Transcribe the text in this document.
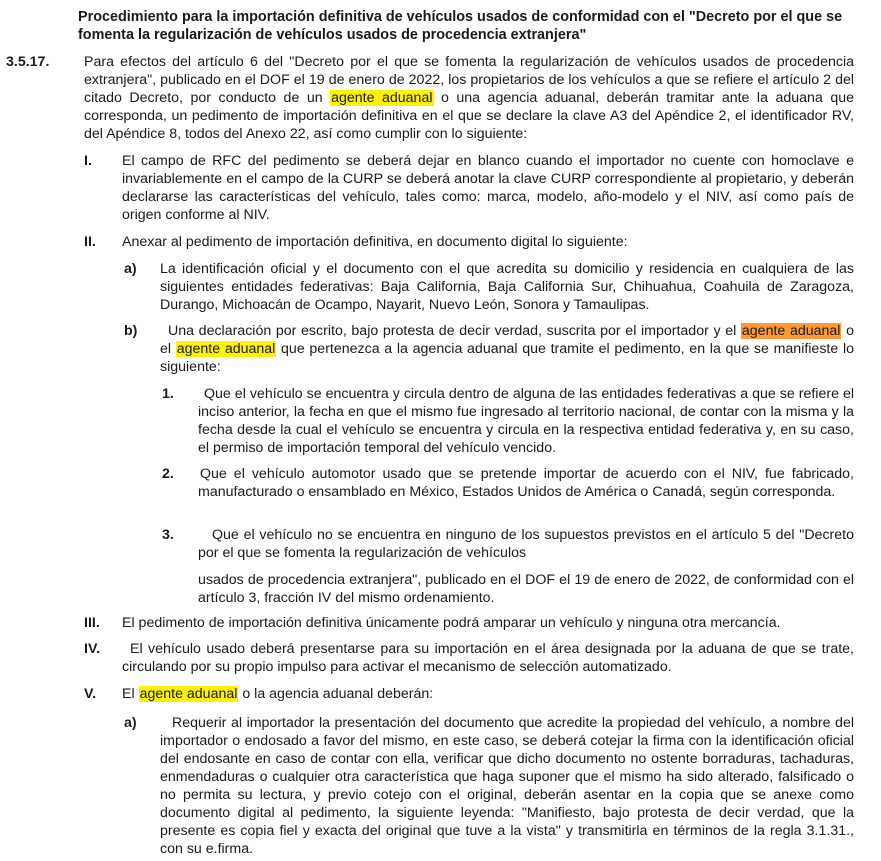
Procedimiento para la importación definitiva de vehículos usados de conformidad con el "Decreto por el que se fomenta la regularización de vehículos usados de procedencia extranjera"
3.5.17. Para efectos del artículo 6 del "Decreto por el que se fomenta la regularización de vehículos usados de procedencia extranjera", publicado en el DOF el 19 de enero de 2022, los propietarios de los vehículos a que se refiere el artículo 2 del citado Decreto, por conducto de un agente aduanal o una agencia aduanal, deberán tramitar ante la aduana que corresponda, un pedimento de importación definitiva en el que se declare la clave A3 del Apéndice 2, el identificador RV, del Apéndice 8, todos del Anexo 22, así como cumplir con lo siguiente:
I. El campo de RFC del pedimento se deberá dejar en blanco cuando el importador no cuente con homoclave e invariablemente en el campo de la CURP se deberá anotar la clave CURP correspondiente al propietario, y deberán declararse las características del vehículo, tales como: marca, modelo, año-modelo y el NIV, así como país de origen conforme al NIV.
II. Anexar al pedimento de importación definitiva, en documento digital lo siguiente:
a) La identificación oficial y el documento con el que acredita su domicilio y residencia en cualquiera de las siguientes entidades federativas: Baja California, Baja California Sur, Chihuahua, Coahuila de Zaragoza, Durango, Michoacán de Ocampo, Nayarit, Nuevo León, Sonora y Tamaulipas.
b)	Una declaración por escrito, bajo protesta de decir verdad, suscrita por el importador y el agente aduanal o el agente aduanal que pertenezca a la agencia aduanal que tramite el pedimento, en la que se manifieste lo siguiente:
1.	Que el vehículo se encuentra y circula dentro de alguna de las entidades federativas a que se refiere el inciso anterior, la fecha en que el mismo fue ingresado al territorio nacional, de contar con la misma y la fecha desde la cual el vehículo se encuentra y circula en la respectiva entidad federativa y, en su caso, el permiso de importación temporal del vehículo vencido.
2. Que el vehículo automotor usado que se pretende importar de acuerdo con el NIV, fue fabricado, manufacturado o ensamblado en México, Estados Unidos de América o Canadá, según corresponda.
3.	Que el vehículo no se encuentra en ninguno de los supuestos previstos en el artículo 5 del "Decreto por el que se fomenta la regularización de vehículos
usados de procedencia extranjera", publicado en el DOF el 19 de enero de 2022, de conformidad con el artículo 3, fracción IV del mismo ordenamiento.
III. El pedimento de importación definitiva únicamente podrá amparar un vehículo y ninguna otra mercancía.
IV.	El vehículo usado deberá presentarse para su importación en el área designada por la aduana de que se trate, circulando por su propio impulso para activar el mecanismo de selección automatizado.
V. El agente aduanal o la agencia aduanal deberán:
a)	Requerir al importador la presentación del documento que acredite la propiedad del vehículo, a nombre del importador o endosado a favor del mismo, en este caso, se deberá cotejar la firma con la identificación oficial del endosante en caso de contar con ella, verificar que dicho documento no ostente borraduras, tachaduras, enmendaduras o cualquier otra característica que haga suponer que el mismo ha sido alterado, falsificado o no permita su lectura, y previo cotejo con el original, deberán asentar en la copia que se anexe como documento digital al pedimento, la siguiente leyenda: "Manifiesto, bajo protesta de decir verdad, que la presente es copia fiel y exacta del original que tuve a la vista" y transmitirla en términos de la regla 3.1.31., con su e.firma.
